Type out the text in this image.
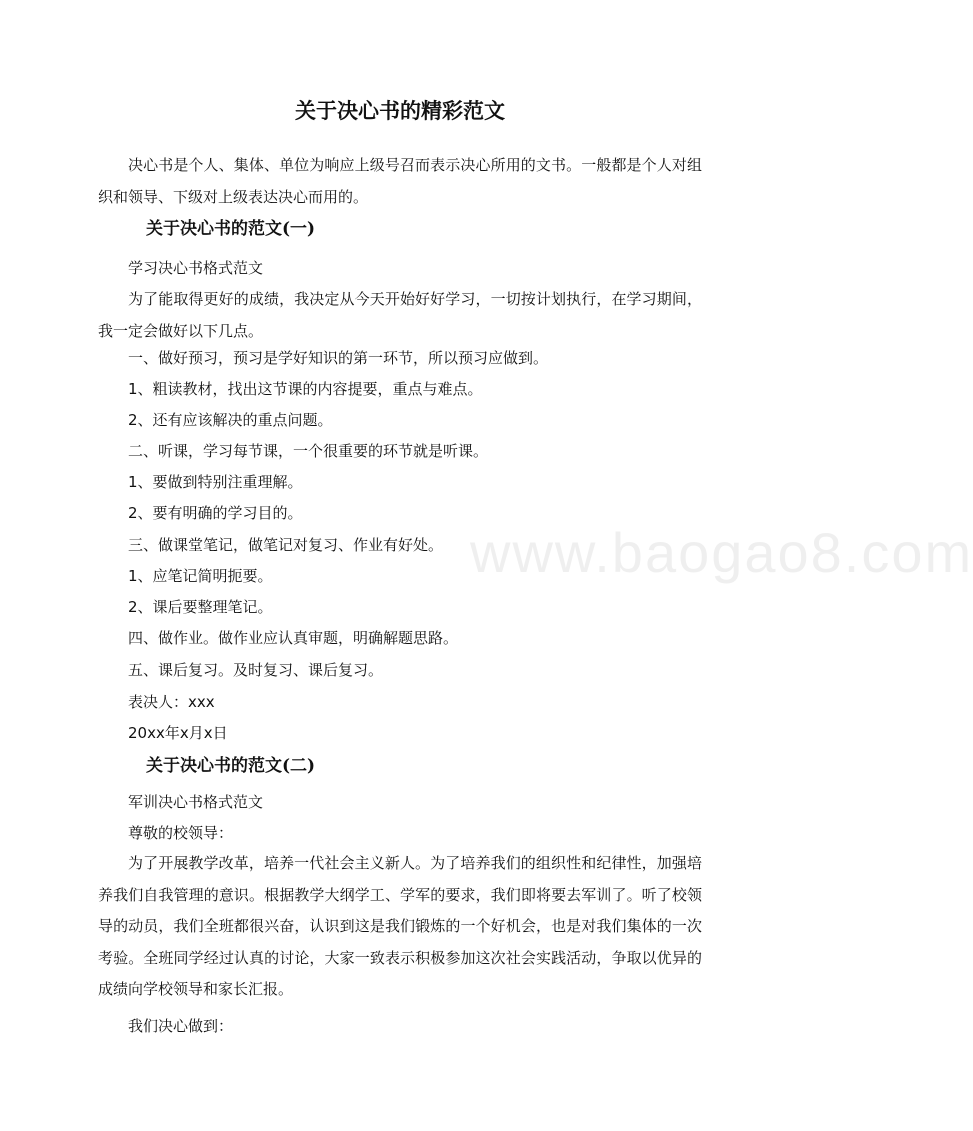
www.baogao8.com
关于决心书的精彩范文

决心书是个人、集体、单位为响应上级号召而表示决心所用的文书。一般都是个人对组织和领导、下级对上级表达决心而用的。

关于决心书的范文(一)

学习决心书格式范文

为了能取得更好的成绩，我决定从今天开始好好学习，一切按计划执行，在学习期间，我一定会做好以下几点。

一、做好预习，预习是学好知识的第一环节，所以预习应做到。

1、粗读教材，找出这节课的内容提要，重点与难点。

2、还有应该解决的重点问题。

二、听课，学习每节课，一个很重要的环节就是听课。

1、要做到特别注重理解。

2、要有明确的学习目的。

三、做课堂笔记，做笔记对复习、作业有好处。

1、应笔记简明扼要。

2、课后要整理笔记。

四、做作业。做作业应认真审题，明确解题思路。

五、课后复习。及时复习、课后复习。

表决人：xxx

20xx年x月x日

关于决心书的范文(二)

军训决心书格式范文

尊敬的校领导：

为了开展教学改革，培养一代社会主义新人。为了培养我们的组织性和纪律性，加强培养我们自我管理的意识。根据教学大纲学工、学军的要求，我们即将要去军训了。听了校领导的动员，我们全班都很兴奋，认识到这是我们锻炼的一个好机会，也是对我们集体的一次考验。全班同学经过认真的讨论，大家一致表示积极参加这次社会实践活动，争取以优异的成绩向学校领导和家长汇报。

我们决心做到：
